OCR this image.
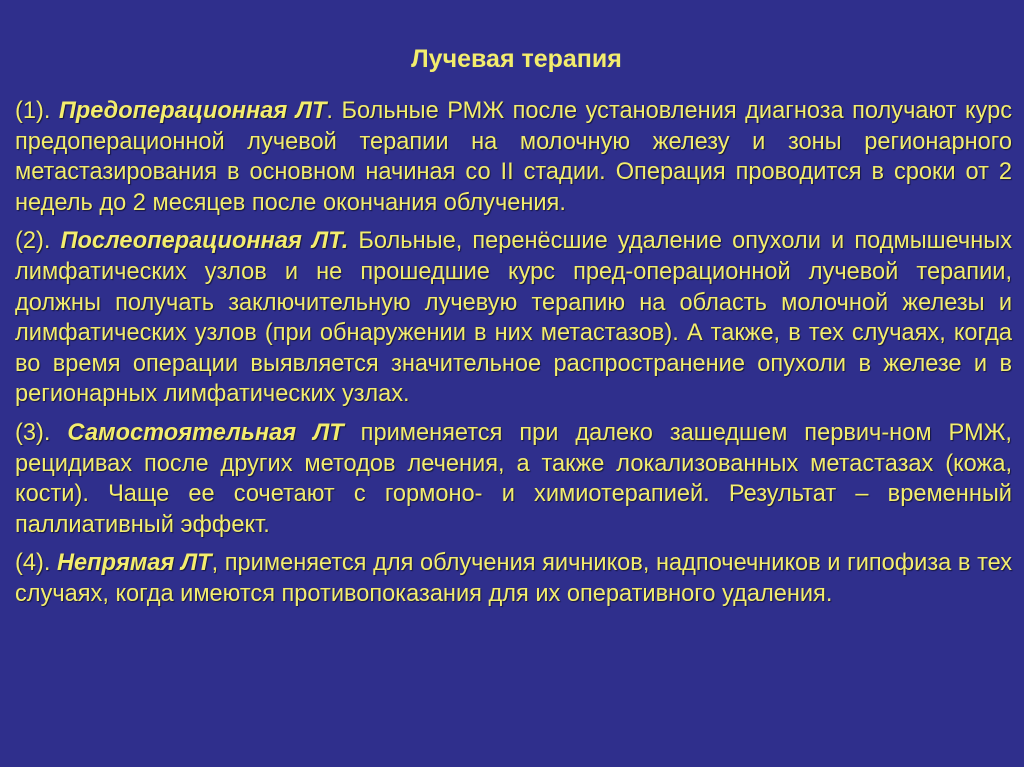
Лучевая терапия

(1). Предоперационная ЛТ. Больные РМЖ после установления диагноза получают курс предоперационной лучевой терапии на молочную железу и зоны регионарного метастазирования в основном начиная со II стадии. Операция проводится в сроки от 2 недель до 2 месяцев после окончания облучения.

(2). Послеоперационная ЛТ. Больные, перенёсшие удаление опухоли и подмышечных лимфатических узлов и не прошедшие курс пред-операционной лучевой терапии, должны получать заключительную лучевую терапию на область молочной железы и лимфатических узлов (при обнаружении в них метастазов). А также, в тех случаях, когда во время операции выявляется значительное распространение опухоли в железе и в регионарных лимфатических узлах.

(3). Самостоятельная ЛТ применяется при далеко зашедшем первич-ном РМЖ, рецидивах после других методов лечения, а также локализованных метастазах (кожа, кости). Чаще ее сочетают с гормоно- и химиотерапией. Результат – временный паллиативный эффект.

(4). Непрямая ЛТ, применяется для облучения яичников, надпочечников и гипофиза в тех случаях, когда имеются противопоказания для их оперативного удаления.
